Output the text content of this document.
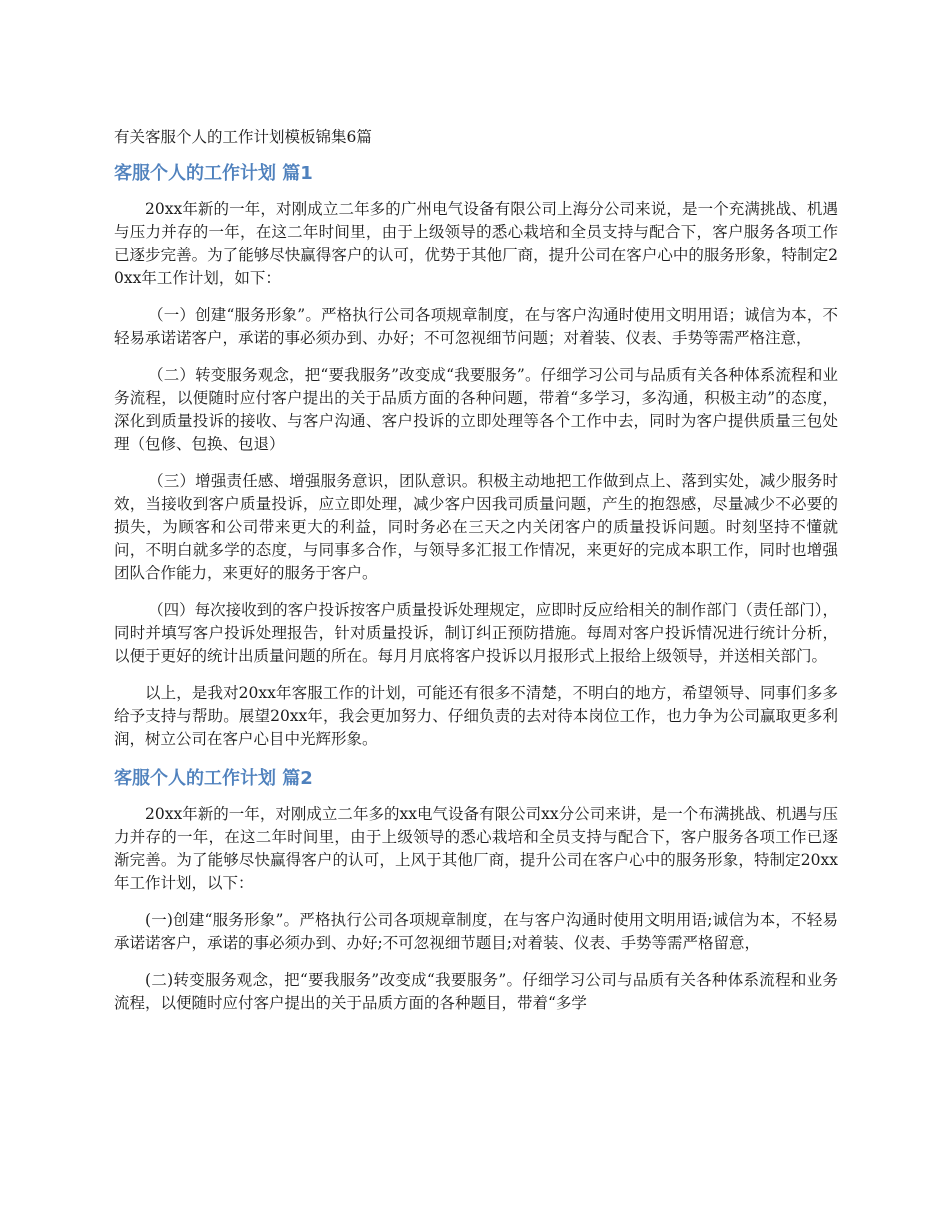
有关客服个人的工作计划模板锦集6篇
客服个人的工作计划 篇1

20xx年新的一年，对刚成立二年多的广州电气设备有限公司上海分公司来说，是一个充满挑战、机遇与压力并存的一年，在这二年时间里，由于上级领导的悉心栽培和全员支持与配合下，客户服务各项工作已逐步完善。为了能够尽快赢得客户的认可，优势于其他厂商，提升公司在客户心中的服务形象，特制定20xx年工作计划，如下：

（一）创建“服务形象”。严格执行公司各项规章制度，在与客户沟通时使用文明用语；诚信为本，不轻易承诺诺客户，承诺的事必须办到、办好；不可忽视细节问题；对着装、仪表、手势等需严格注意，

（二）转变服务观念，把“要我服务”改变成“我要服务”。仔细学习公司与品质有关各种体系流程和业务流程，以便随时应付客户提出的关于品质方面的各种问题，带着“多学习，多沟通，积极主动”的态度，深化到质量投诉的接收、与客户沟通、客户投诉的立即处理等各个工作中去，同时为客户提供质量三包处理（包修、包换、包退）

（三）增强责任感、增强服务意识，团队意识。积极主动地把工作做到点上、落到实处，减少服务时效，当接收到客户质量投诉，应立即处理，减少客户因我司质量问题，产生的抱怨感，尽量减少不必要的损失，为顾客和公司带来更大的利益，同时务必在三天之内关闭客户的质量投诉问题。时刻坚持不懂就问，不明白就多学的态度，与同事多合作，与领导多汇报工作情况，来更好的完成本职工作，同时也增强团队合作能力，来更好的服务于客户。

（四）每次接收到的客户投诉按客户质量投诉处理规定，应即时反应给相关的制作部门（责任部门），同时并填写客户投诉处理报告，针对质量投诉，制订纠正预防措施。每周对客户投诉情况进行统计分析，以便于更好的统计出质量问题的所在。每月月底将客户投诉以月报形式上报给上级领导，并送相关部门。

以上，是我对20xx年客服工作的计划，可能还有很多不清楚，不明白的地方，希望领导、同事们多多给予支持与帮助。展望20xx年，我会更加努力、仔细负责的去对待本岗位工作，也力争为公司赢取更多利润，树立公司在客户心目中光辉形象。

客服个人的工作计划 篇2

20xx年新的一年，对刚成立二年多的xx电气设备有限公司xx分公司来讲，是一个布满挑战、机遇与压力并存的一年，在这二年时间里，由于上级领导的悉心栽培和全员支持与配合下，客户服务各项工作已逐渐完善。为了能够尽快赢得客户的认可，上风于其他厂商，提升公司在客户心中的服务形象，特制定20xx年工作计划，以下：

(一)创建“服务形象”。严格执行公司各项规章制度，在与客户沟通时使用文明用语;诚信为本，不轻易承诺诺客户，承诺的事必须办到、办好;不可忽视细节题目;对着装、仪表、手势等需严格留意，

(二)转变服务观念，把“要我服务”改变成“我要服务”。仔细学习公司与品质有关各种体系流程和业务流程，以便随时应付客户提出的关于品质方面的各种题目，带着“多学
